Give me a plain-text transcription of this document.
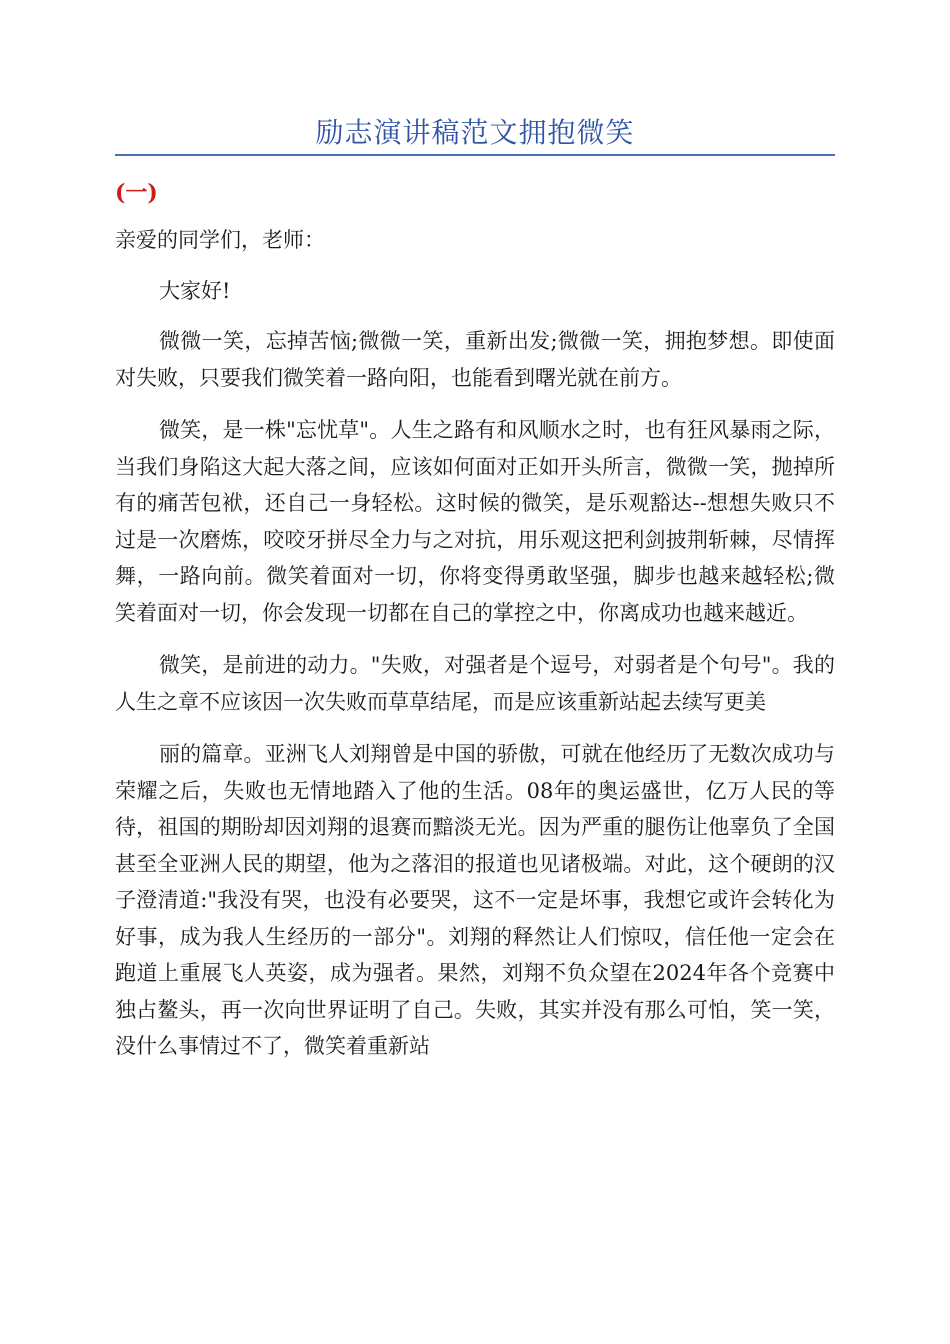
励志演讲稿范文拥抱微笑
(一)

亲爱的同学们，老师：

大家好!

微微一笑，忘掉苦恼;微微一笑，重新出发;微微一笑，拥抱梦想。即使面对失败，只要我们微笑着一路向阳，也能看到曙光就在前方。

微笑，是一株"忘忧草"。人生之路有和风顺水之时，也有狂风暴雨之际，当我们身陷这大起大落之间，应该如何面对正如开头所言，微微一笑，抛掉所有的痛苦包袱，还自己一身轻松。这时候的微笑，是乐观豁达--想想失败只不过是一次磨炼，咬咬牙拼尽全力与之对抗，用乐观这把利剑披荆斩棘，尽情挥舞，一路向前。微笑着面对一切，你将变得勇敢坚强，脚步也越来越轻松;微笑着面对一切，你会发现一切都在自己的掌控之中，你离成功也越来越近。

微笑，是前进的动力。"失败，对强者是个逗号，对弱者是个句号"。我的人生之章不应该因一次失败而草草结尾，而是应该重新站起去续写更美

丽的篇章。亚洲飞人刘翔曾是中国的骄傲，可就在他经历了无数次成功与荣耀之后，失败也无情地踏入了他的生活。08年的奥运盛世，亿万人民的等待，祖国的期盼却因刘翔的退赛而黯淡无光。因为严重的腿伤让他辜负了全国甚至全亚洲人民的期望，他为之落泪的报道也见诸极端。对此，这个硬朗的汉子澄清道:"我没有哭，也没有必要哭，这不一定是坏事，我想它或许会转化为好事，成为我人生经历的一部分"。刘翔的释然让人们惊叹，信任他一定会在跑道上重展飞人英姿，成为强者。果然，刘翔不负众望在2024年各个竞赛中独占鳌头，再一次向世界证明了自己。失败，其实并没有那么可怕，笑一笑，没什么事情过不了，微笑着重新站
